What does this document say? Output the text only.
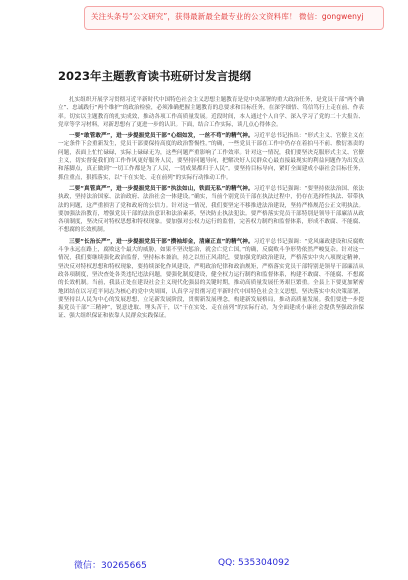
关注头条号“公文研究”，获得最新最全最专业的公文资料库！ 微信：gongwenyj
2023年主题教育读书班研讨发言提纲

扎实组织开展学习贯彻习近平新时代中国特色社会主义思想主题教育是党中央部署的重大政治任务，是党员干部“两个确立”、忠诚践行“两个维护”的政治检验，必须准确把握主题教育的总要求和目标任务，在深学细悟、笃信笃行上走在前、作表率。切实以主题教育的扎实成效，推动各项工作高质量发展。近段时间，本人通过个人自学、深入学习了党的二十大报告、党章等学习材料，对新思想有了更进一步的认识。下面，结合工作实际，谈几点心得体会。

一要“敢管敢严”，进一步提振党员干部“心细如发，一丝不苟”的精气神。习近平总书记指出：“形式主义、官僚主义在一定条件下会重新发生，党员干部要保持高度的政治警惕性。”的确，一些党员干部在工作中仍存在着拍马不前、敷衍塞责的问题，表面上忙忙碌碌，实际上碌碌无为，这些问题严重影响了工作效率。针对这一情况，我们要坚决克服形式主义、官僚主义，切实督促我们的工作作风更好服务人民，要坚持问题导向，把解决好人民群众心最直接最现实的利益问题作为出发点和落脚点，真正做到“一切工作都是为了人民，一切成果都归于人民”。要坚持目标导向，紧盯全面建成小康社会目标任务，抓住重点，狠抓落实，以“干在实处、走在前列”的实际行动推动工作。

二要“真管真严”，进一步提振党员干部“执法如山，铁面无私”的精气神。习近平总书记强调：“要坚持依法治国、依法执政，坚持法治国家、法治政府、法治社会一体建设。”确实，当前个别党员干部在执法过程中，仍存在选择性执法、带带执法的问题，这严重损害了党和政府的公信力。针对这一情况，我们要坚定不移推进法治建设，坚持严格规范公正文明执法。要加强法治教育，增强党员干部的法治意识和法治素养，坚决防止执法犯法。要严格落实党员干部特别是领导干部廉洁从政各项制度，坚决反对特权思想和特权现象。要加强对公权力运行的监督，完善权力制约和监督体系，形成不敢腐、不能腐、不想腐的长效机制。

三要“长治长严”，进一步提振党员干部“攒袖却金，清廉正直”的精气神。习近平总书记强调：“党风廉政建设和反腐败斗争永远在路上，腐败这个最大的威胁，如果不坚决惩治，就会亡党亡国。”的确，反腐败斗争形势依然严峻复杂。针对这一情况，我们要继续强化政治监督，坚持标本兼治，持之以恒正风肃纪，要加强党的政治建设，严格落实中央八项规定精神，坚决反对特权思想和特权现象，要持续深化作风建设，严明政治纪律和政治规矩，严格落实党员干部特别是领导干部廉洁从政各项制度，坚决查处各类违纪违法问题，要强化制度建设，健全权力运行制约和监督体系，构建不敢腐、不能腐、不想腐的长效机制。当前，我县正处在建设社会主义现代化强县的关键时期，推动高质量发展任务艰巨繁重。全县上下要更加紧密地团结在以习近平同志为核心的党中央周围，认真学习贯彻习近平新时代中国特色社会主义思想，坚决落实中央决策部署，要坚持以人民为中心的发展思想，立足新发展阶段，贯彻新发展理念，构建新发展格局，推动高质量发展。我们要进一步提振党员干部“三精神”，锐意进取、埋头苦干，以“干在实处、走在前列”的实际行动，为全面建成小康社会提供坚强政治保证、强大组织保证和依靠人民群众实践保证。

微信：30265665	QQ: 535304092
